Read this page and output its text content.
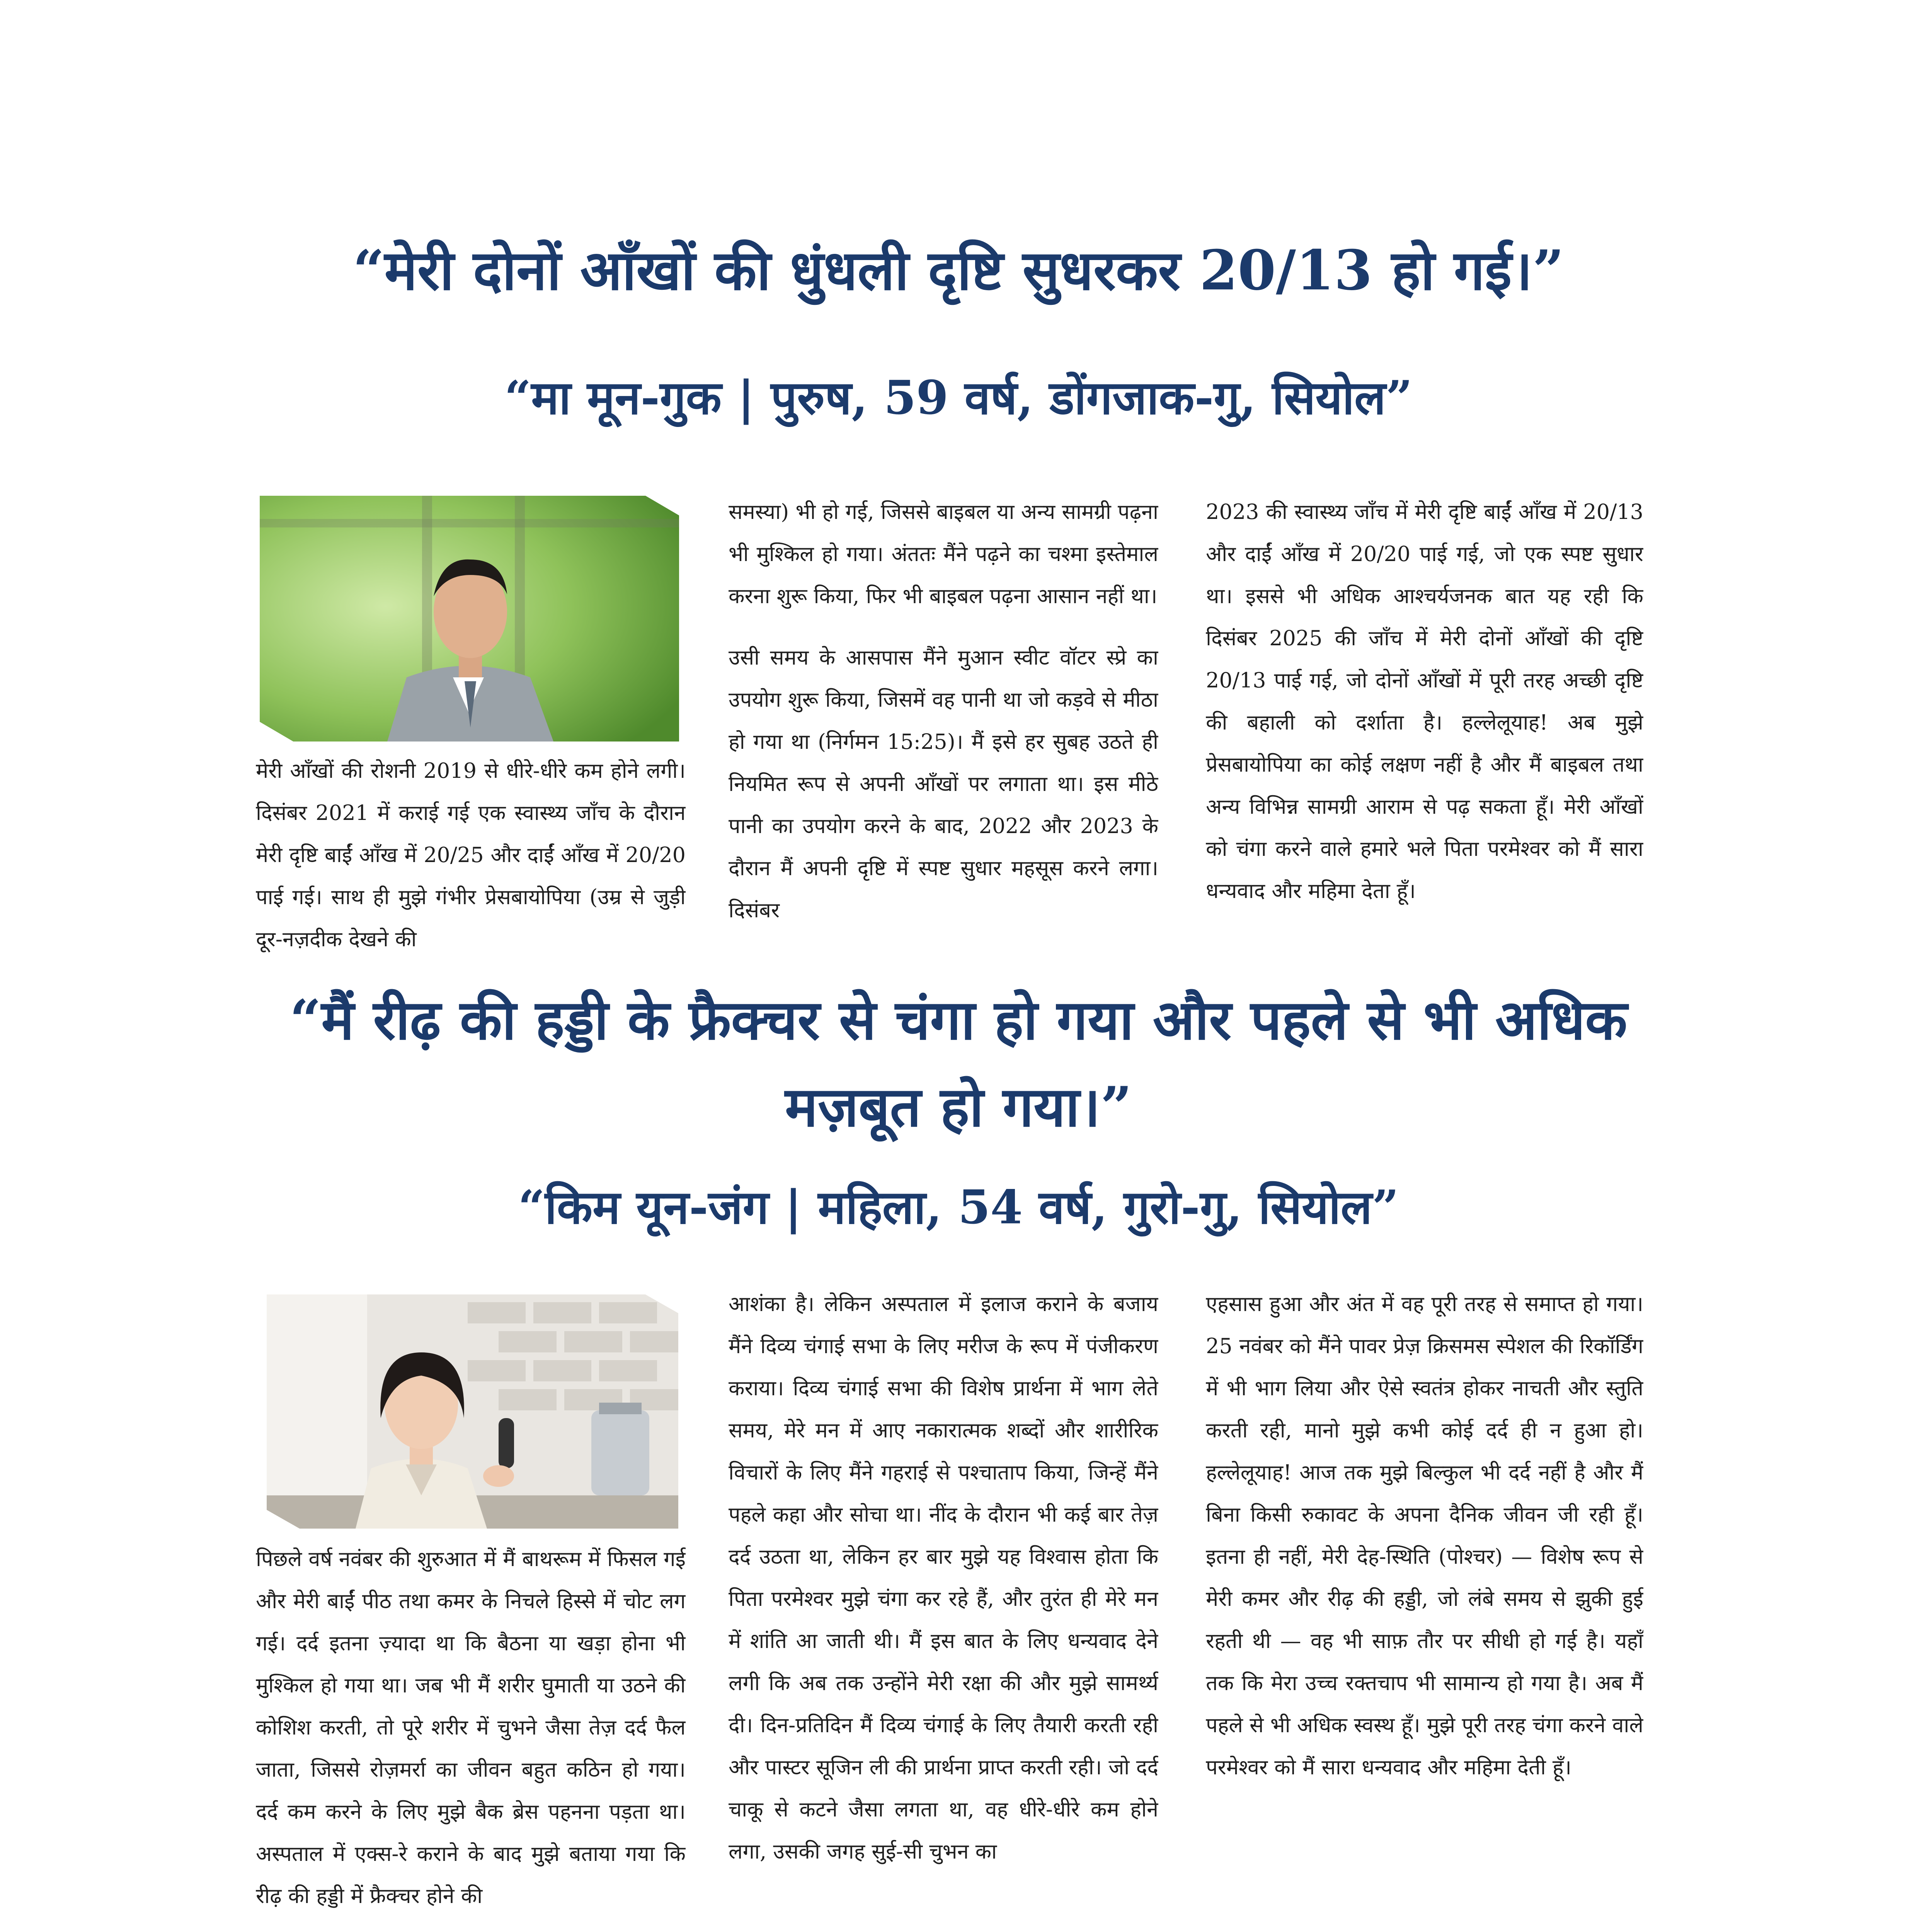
“मेरी दोनों आँखों की धुंधली दृष्टि सुधरकर 20/13 हो गई।”
“मा मून-गुक | पुरुष, 59 वर्ष, डोंगजाक-गु, सियोल”

मेरी आँखों की रोशनी 2019 से धीरे-धीरे कम होने लगी। दिसंबर 2021 में कराई गई एक स्वास्थ्य जाँच के दौरान मेरी दृष्टि बाईं आँख में 20/25 और दाईं आँख में 20/20 पाई गई। साथ ही मुझे गंभीर प्रेसबायोपिया (उम्र से जुड़ी दूर-नज़दीक देखने की

समस्या) भी हो गई, जिससे बाइबल या अन्य सामग्री पढ़ना भी मुश्किल हो गया। अंततः मैंने पढ़ने का चश्मा इस्तेमाल करना शुरू किया, फिर भी बाइबल पढ़ना आसान नहीं था।

उसी समय के आसपास मैंने मुआन स्वीट वॉटर स्प्रे का उपयोग शुरू किया, जिसमें वह पानी था जो कड़वे से मीठा हो गया था (निर्गमन 15:25)। मैं इसे हर सुबह उठते ही नियमित रूप से अपनी आँखों पर लगाता था। इस मीठे पानी का उपयोग करने के बाद, 2022 और 2023 के दौरान मैं अपनी दृष्टि में स्पष्ट सुधार महसूस करने लगा। दिसंबर

2023 की स्वास्थ्य जाँच में मेरी दृष्टि बाईं आँख में 20/13 और दाईं आँख में 20/20 पाई गई, जो एक स्पष्ट सुधार था। इससे भी अधिक आश्चर्यजनक बात यह रही कि दिसंबर 2025 की जाँच में मेरी दोनों आँखों की दृष्टि 20/13 पाई गई, जो दोनों आँखों में पूरी तरह अच्छी दृष्टि की बहाली को दर्शाता है। हल्लेलूयाह! अब मुझे प्रेसबायोपिया का कोई लक्षण नहीं है और मैं बाइबल तथा अन्य विभिन्न सामग्री आराम से पढ़ सकता हूँ। मेरी आँखों को चंगा करने वाले हमारे भले पिता परमेश्वर को मैं सारा धन्यवाद और महिमा देता हूँ।

“मैं रीढ़ की हड्डी के फ्रैक्चर से चंगा हो गया और पहले से भी अधिक
मज़बूत हो गया।”
“किम यून-जंग | महिला, 54 वर्ष, गुरो-गु, सियोल”

पिछले वर्ष नवंबर की शुरुआत में मैं बाथरूम में फिसल गई और मेरी बाईं पीठ तथा कमर के निचले हिस्से में चोट लग गई। दर्द इतना ज़्यादा था कि बैठना या खड़ा होना भी मुश्किल हो गया था। जब भी मैं शरीर घुमाती या उठने की कोशिश करती, तो पूरे शरीर में चुभने जैसा तेज़ दर्द फैल जाता, जिससे रोज़मर्रा का जीवन बहुत कठिन हो गया। दर्द कम करने के लिए मुझे बैक ब्रेस पहनना पड़ता था। अस्पताल में एक्स-रे कराने के बाद मुझे बताया गया कि रीढ़ की हड्डी में फ्रैक्चर होने की

आशंका है। लेकिन अस्पताल में इलाज कराने के बजाय मैंने दिव्य चंगाई सभा के लिए मरीज के रूप में पंजीकरण कराया। दिव्य चंगाई सभा की विशेष प्रार्थना में भाग लेते समय, मेरे मन में आए नकारात्मक शब्दों और शारीरिक विचारों के लिए मैंने गहराई से पश्चाताप किया, जिन्हें मैंने पहले कहा और सोचा था। नींद के दौरान भी कई बार तेज़ दर्द उठता था, लेकिन हर बार मुझे यह विश्वास होता कि पिता परमेश्वर मुझे चंगा कर रहे हैं, और तुरंत ही मेरे मन में शांति आ जाती थी। मैं इस बात के लिए धन्यवाद देने लगी कि अब तक उन्होंने मेरी रक्षा की और मुझे सामर्थ्य दी। दिन-प्रतिदिन मैं दिव्य चंगाई के लिए तैयारी करती रही और पास्टर सूजिन ली की प्रार्थना प्राप्त करती रही। जो दर्द चाकू से कटने जैसा लगता था, वह धीरे-धीरे कम होने लगा, उसकी जगह सुई-सी चुभन का

एहसास हुआ और अंत में वह पूरी तरह से समाप्त हो गया। 25 नवंबर को मैंने पावर प्रेज़ क्रिसमस स्पेशल की रिकॉर्डिंग में भी भाग लिया और ऐसे स्वतंत्र होकर नाचती और स्तुति करती रही, मानो मुझे कभी कोई दर्द ही न हुआ हो। हल्लेलूयाह! आज तक मुझे बिल्कुल भी दर्द नहीं है और मैं बिना किसी रुकावट के अपना दैनिक जीवन जी रही हूँ। इतना ही नहीं, मेरी देह-स्थिति (पोश्चर) — विशेष रूप से मेरी कमर और रीढ़ की हड्डी, जो लंबे समय से झुकी हुई रहती थी — वह भी साफ़ तौर पर सीधी हो गई है। यहाँ तक कि मेरा उच्च रक्तचाप भी सामान्य हो गया है। अब मैं पहले से भी अधिक स्वस्थ हूँ। मुझे पूरी तरह चंगा करने वाले परमेश्वर को मैं सारा धन्यवाद और महिमा देती हूँ।
